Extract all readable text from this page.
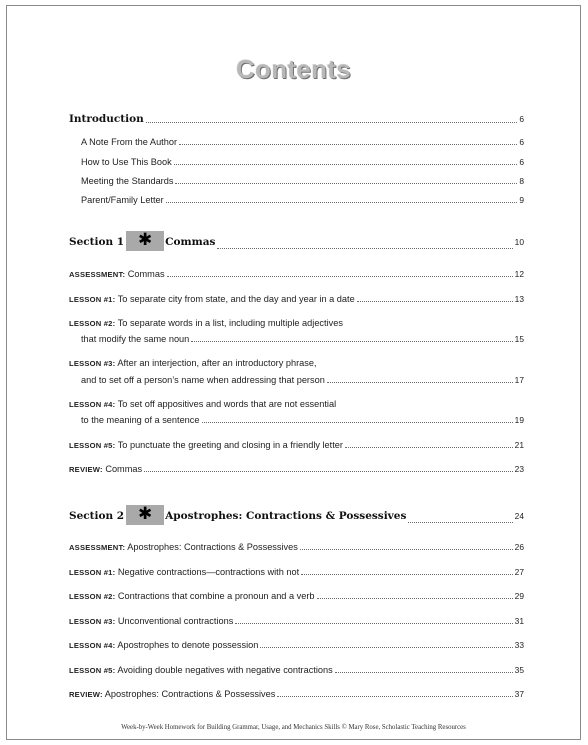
Contents
Introduction	6
A Note From the Author	6
How to Use This Book	6
Meeting the Standards	8
Parent/Family Letter	9
Section 1 ✱	Commas	10
ASSESSMENT: Commas	12
LESSON #1: To separate city from state, and the day and year in a date	13
LESSON #2: To separate words in a list, including multiple adjectives
that modify the same noun	15
LESSON #3: After an interjection, after an introductory phrase,
and to set off a person’s name when addressing that person	17
LESSON #4: To set off appositives and words that are not essential
to the meaning of a sentence	19
LESSON #5: To punctuate the greeting and closing in a friendly letter	21
REVIEW: Commas	23
Section 2 ✱	Apostrophes: Contractions & Possessives	24
ASSESSMENT: Apostrophes: Contractions & Possessives	26
LESSON #1: Negative contractions—contractions with not	27
LESSON #2: Contractions that combine a pronoun and a verb	29
LESSON #3: Unconventional contractions	31
LESSON #4: Apostrophes to denote possession	33
LESSON #5: Avoiding double negatives with negative contractions	35
REVIEW: Apostrophes: Contractions & Possessives	37
Week-by-Week Homework for Building Grammar, Usage, and Mechanics Skills © Mary Rose, Scholastic Teaching Resources
